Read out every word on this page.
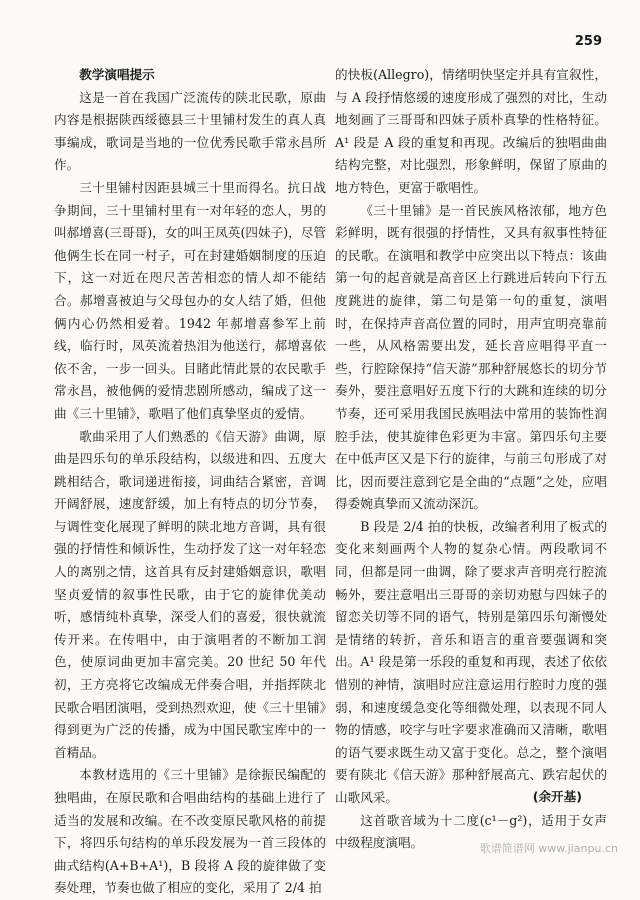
259

教学演唱提示

这是一首在我国广泛流传的陕北民歌，原曲内容是根据陕西绥德县三十里铺村发生的真人真事编成，歌词是当地的一位优秀民歌手常永昌所作。

三十里铺村因距县城三十里而得名。抗日战争期间，三十里铺村里有一对年轻的恋人，男的叫郝增喜(三哥哥)，女的叫王凤英(四妹子)，尽管他俩生长在同一村子，可在封建婚姻制度的压迫下，这一对近在咫尺苦苦相恋的情人却不能结合。郝增喜被迫与父母包办的女人结了婚，但他俩内心仍然相爱着。1942 年郝增喜参军上前线，临行时，凤英流着热泪为他送行，郝增喜依依不舍，一步一回头。目睹此情此景的农民歌手常永昌，被他俩的爱情悲剧所感动，编成了这一曲《三十里铺》，歌唱了他们真挚坚贞的爱情。

歌曲采用了人们熟悉的《信天游》曲调，原曲是四乐句的单乐段结构，以级进和四、五度大跳相结合，歌词递进衔接，词曲结合紧密，音调开阔舒展，速度舒缓，加上有特点的切分节奏，与调性变化展现了鲜明的陕北地方音调，具有很强的抒情性和倾诉性，生动抒发了这一对年轻恋人的离别之情，这首具有反封建婚姻意识，歌唱坚贞爱情的叙事性民歌，由于它的旋律优美动听，感情纯朴真挚，深受人们的喜爱，很快就流传开来。在传唱中，由于演唱者的不断加工润色，使原词曲更加丰富完美。20 世纪 50 年代初，王方亮将它改编成无伴奏合唱，并指挥陕北民歌合唱团演唱，受到热烈欢迎，使《三十里铺》得到更为广泛的传播，成为中国民歌宝库中的一首精品。

本教材选用的《三十里铺》是徐振民编配的独唱曲，在原民歌和合唱曲结构的基础上进行了适当的发展和改编。在不改变原民歌风格的前提下，将四乐句结构的单乐段发展为一首三段体的曲式结构(A+B+A¹)，B 段将 A 段的旋律做了变奏处理，节奏也做了相应的变化，采用了 2/4 拍

的快板(Allegro)，情绪明快坚定并具有宣叙性，与 A 段抒情悠缓的速度形成了强烈的对比，生动地刻画了三哥哥和四妹子质朴真挚的性格特征。A¹ 段是 A 段的重复和再现。改编后的独唱曲曲结构完整，对比强烈，形象鲜明，保留了原曲的地方特色，更富于歌唱性。

《三十里铺》是一首民族风格浓郁，地方色彩鲜明，既有很强的抒情性，又具有叙事性特征的民歌。在演唱和教学中应突出以下特点：该曲第一句的起音就是高音区上行跳进后转向下行五度跳进的旋律，第二句是第一句的重复，演唱时，在保持声音高位置的同时，用声宜明亮靠前一些，从风格需要出发，延长音应唱得平直一些，行腔除保持“信天游”那种舒展悠长的切分节奏外，要注意唱好五度下行的大跳和连续的切分节奏，还可采用我国民族唱法中常用的装饰性润腔手法，使其旋律色彩更为丰富。第四乐句主要在中低声区又是下行的旋律，与前三句形成了对比，因而要注意到它是全曲的“点题”之处，应唱得委婉真挚而又流动深沉。

B 段是 2/4 拍的快板，改编者利用了板式的变化来刻画两个人物的复杂心情。两段歌词不同，但都是同一曲调，除了要求声音明亮行腔流畅外，要注意唱出三哥哥的亲切劝慰与四妹子的留恋关切等不同的语气，特别是第四乐句渐慢处是情绪的转折，音乐和语言的重音要强调和突出。A¹ 段是第一乐段的重复和再现，表述了依依惜别的神情，演唱时应注意运用行腔时力度的强弱，和速度缓急变化等细微处理，以表现不同人物的情感，咬字与吐字要求准确而又清晰，歌唱的语气要求既生动又富于变化。总之，整个演唱要有陕北《信天游》那种舒展高亢、跌宕起伏的山歌风采。

这首歌音域为十二度(c¹－g²)，适用于女声中级程度演唱。

(余开基)
歌谱简谱网 www.jianpu.cn
